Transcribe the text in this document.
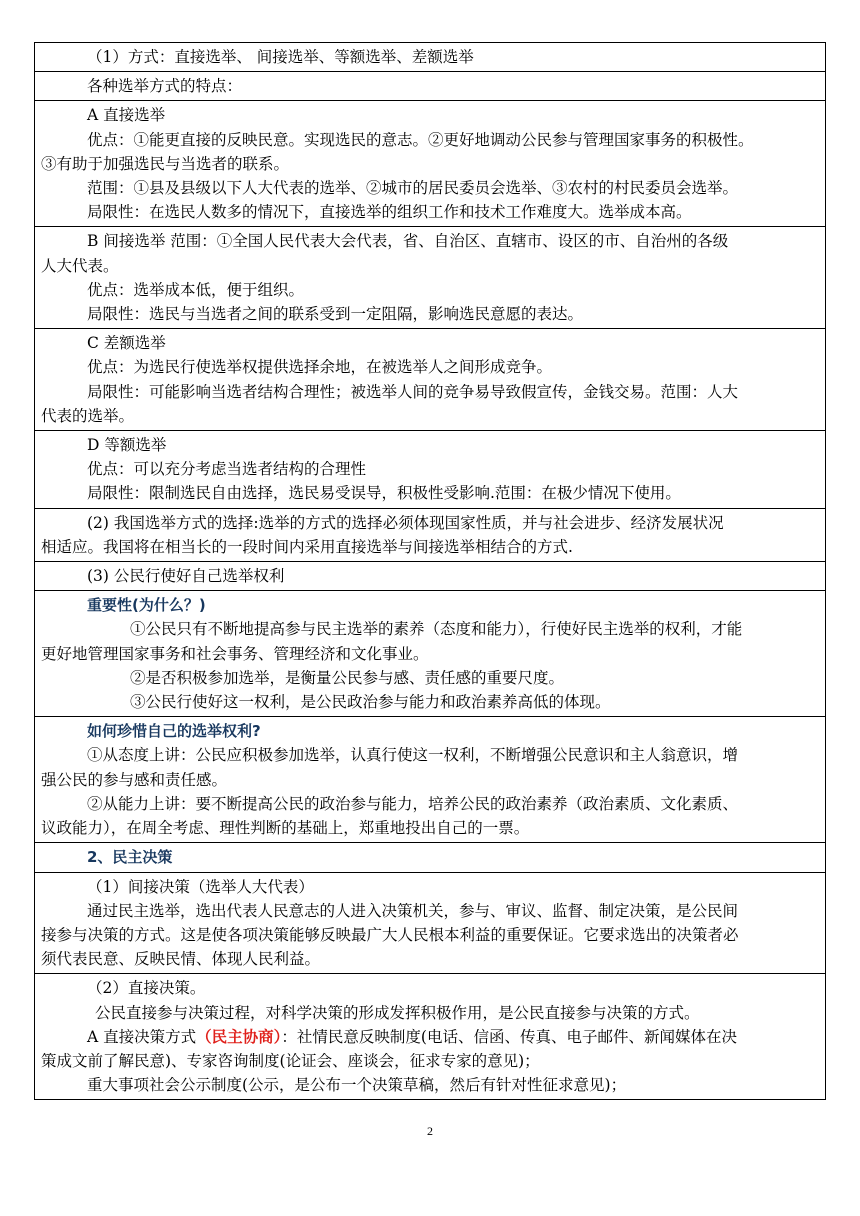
（1）方式：直接选举、 间接选举、等额选举、差额选举
各种选举方式的特点：
A 直接选举
优点：①能更直接的反映民意。实现选民的意志。②更好地调动公民参与管理国家事务的积极性。
③有助于加强选民与当选者的联系。
范围：①县及县级以下人大代表的选举、②城市的居民委员会选举、③农村的村民委员会选举。
局限性：在选民人数多的情况下，直接选举的组织工作和技术工作难度大。选举成本高。
B 间接选举 范围：①全国人民代表大会代表，省、自治区、直辖市、设区的市、自治州的各级
人大代表。
优点：选举成本低，便于组织。
局限性：选民与当选者之间的联系受到一定阻隔，影响选民意愿的表达。
C 差额选举
优点：为选民行使选举权提供选择余地，在被选举人之间形成竞争。
局限性：可能影响当选者结构合理性；被选举人间的竞争易导致假宣传，金钱交易。范围：人大
代表的选举。
D 等额选举
优点：可以充分考虑当选者结构的合理性
局限性：限制选民自由选择，选民易受误导，积极性受影响.范围：在极少情况下使用。
(2) 我国选举方式的选择:选举的方式的选择必须体现国家性质，并与社会进步、经济发展状况
相适应。我国将在相当长的一段时间内采用直接选举与间接选举相结合的方式.
(3) 公民行使好自己选举权利
重要性(为什么？)
①公民只有不断地提高参与民主选举的素养（态度和能力），行使好民主选举的权利，才能
更好地管理国家事务和社会事务、管理经济和文化事业。
②是否积极参加选举，是衡量公民参与感、责任感的重要尺度。
③公民行使好这一权利，是公民政治参与能力和政治素养高低的体现。
如何珍惜自己的选举权利?
①从态度上讲：公民应积极参加选举，认真行使这一权利，不断增强公民意识和主人翁意识，增
强公民的参与感和责任感。
②从能力上讲：要不断提高公民的政治参与能力，培养公民的政治素养（政治素质、文化素质、
议政能力），在周全考虑、理性判断的基础上，郑重地投出自己的一票。
2、民主决策
（1）间接决策（选举人大代表）
通过民主选举，选出代表人民意志的人进入决策机关，参与、审议、监督、制定决策，是公民间
接参与决策的方式。这是使各项决策能够反映最广大人民根本利益的重要保证。它要求选出的决策者必
须代表民意、反映民情、体现人民利益。
（2）直接决策。
公民直接参与决策过程，对科学决策的形成发挥积极作用，是公民直接参与决策的方式。
A 直接决策方式（民主协商）：社情民意反映制度(电话、信函、传真、电子邮件、新闻媒体在决
策成文前了解民意)、专家咨询制度(论证会、座谈会，征求专家的意见)；
重大事项社会公示制度(公示，是公布一个决策草稿，然后有针对性征求意见)；
2
